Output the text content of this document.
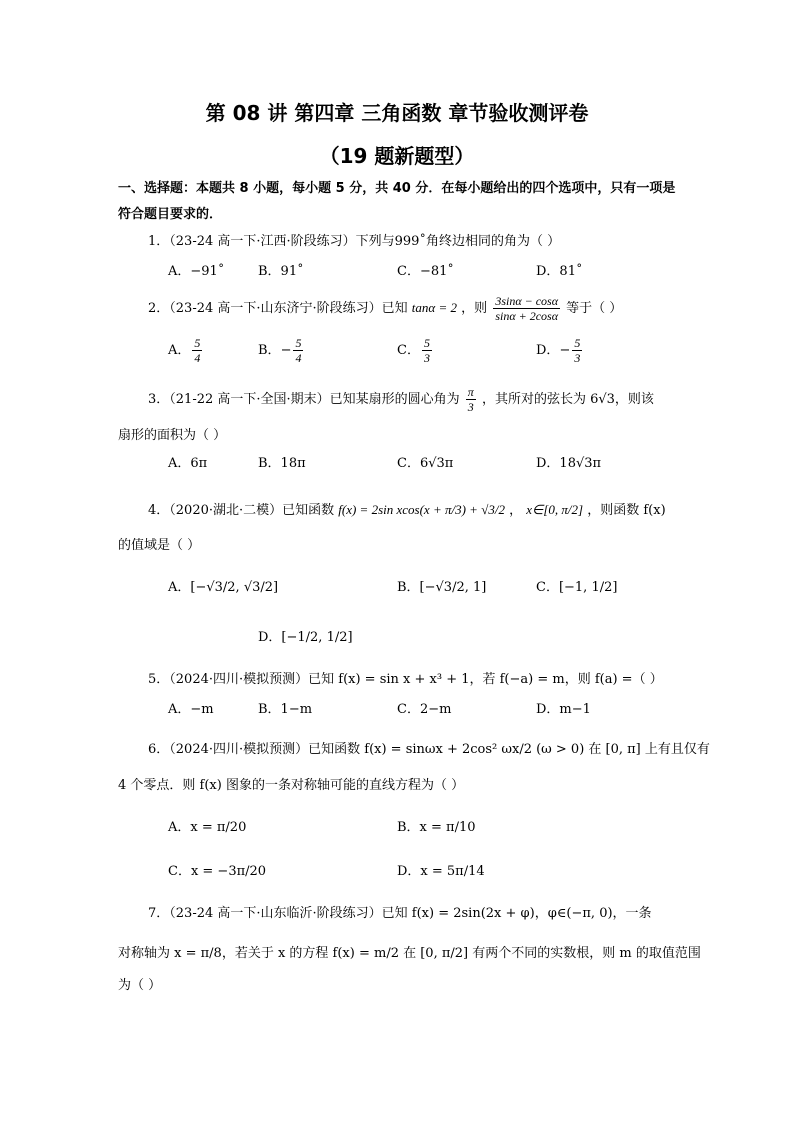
第 08 讲 第四章 三角函数 章节验收测评卷
（19 题新题型）
一、选择题：本题共 8 小题，每小题 5 分，共 40 分．在每小题给出的四个选项中，只有一项是符合题目要求的．
1．（23-24 高一下·江西·阶段练习）下列与999˚角终边相同的角为（ ）
A．−91˚	B．91˚	C．−81˚	D．81˚
2．（23-24 高一下·山东济宁·阶段练习）已知 tanα = 2 ，则 $\frac{3\sin\alpha - \cos\alpha}{\sin\alpha + 2\cos\alpha}$ 等于（ ）
A． $\frac{5}{4}$	B．− $\frac{5}{4}$	C． $\frac{5}{3}$	D．− $\frac{5}{3}$
3．（21-22 高一下·全国·期末）已知某扇形的圆心角为 $\frac{\pi}{3}$ ，其所对的弦长为 6√3，则该
扇形的面积为（ ）
A．6π	B．18π	C．6√3π	D．18√3π
4．（2020·湖北·二模）已知函数 f(x) = 2sin xcos(x + π/3) + √3/2 ， x∈[0, π/2] ，则函数 f(x)
的值域是（ ）
A．[−√3/2, √3/2]	B．[−√3/2, 1]	C．[−1, 1/2]
D．[−1/2, 1/2]
5．（2024·四川·模拟预测）已知 f(x) = sin x + x³ + 1，若 f(−a) = m，则 f(a) =（ ）
A．−m	B．1−m	C．2−m	D．m−1
6．（2024·四川·模拟预测）已知函数 f(x) = sinωx + 2cos² ωx/2 (ω > 0) 在 [0, π] 上有且仅有
4 个零点．则 f(x) 图象的一条对称轴可能的直线方程为（ ）
A．x = π/20	B．x = π/10
C．x = −3π/20	D．x = 5π/14
7．（23-24 高一下·山东临沂·阶段练习）已知 f(x) = 2sin(2x + φ)，φ∈(−π, 0)，一条
对称轴为 x = π/8，若关于 x 的方程 f(x) = m/2 在 [0, π/2] 有两个不同的实数根，则 m 的取值范围
为（ ）
